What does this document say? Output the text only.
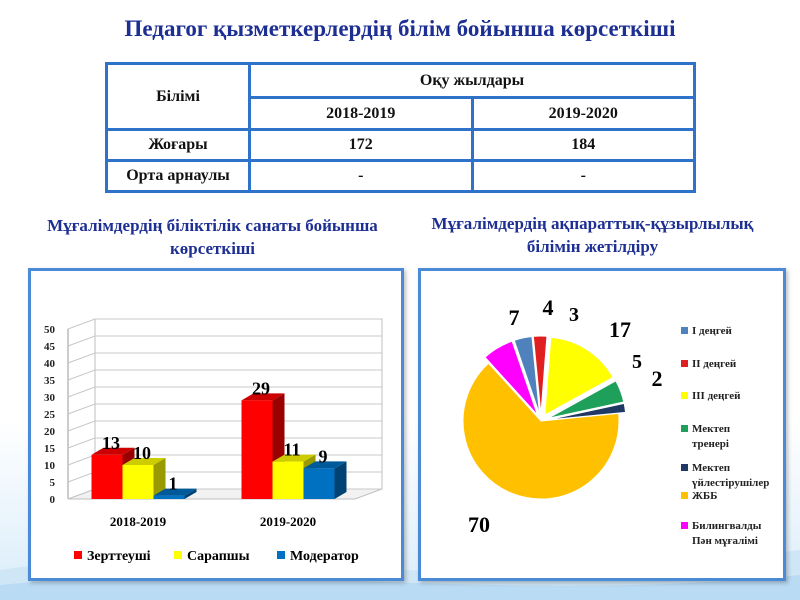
Педагог қызметкерлердің білім бойынша көрсеткіші
Білімі	Оқу жылдары	
	2018-2019	2019-2020
Жоғары	172	184
Орта арнаулы	-	-
Мұғалімдердің біліктілік санаты бойынша көрсеткіші
Мұғалімдердің ақпараттық-құзырлылық білімін жетілдіру
0
5
10
15
20
25
30
35
40
45
50
13
10
1
2018-2019
29
11 9
2019-2020
Зерттеуші	Сарапшы	Модератор
4 3
17
5
2
70
7
І деңгей
ІІ деңгей
ІІІ деңгей
Мектеп
тренері
Мектеп
үйлестірушілер
ЖББ
Билингвалды
Пән мұғалімі
